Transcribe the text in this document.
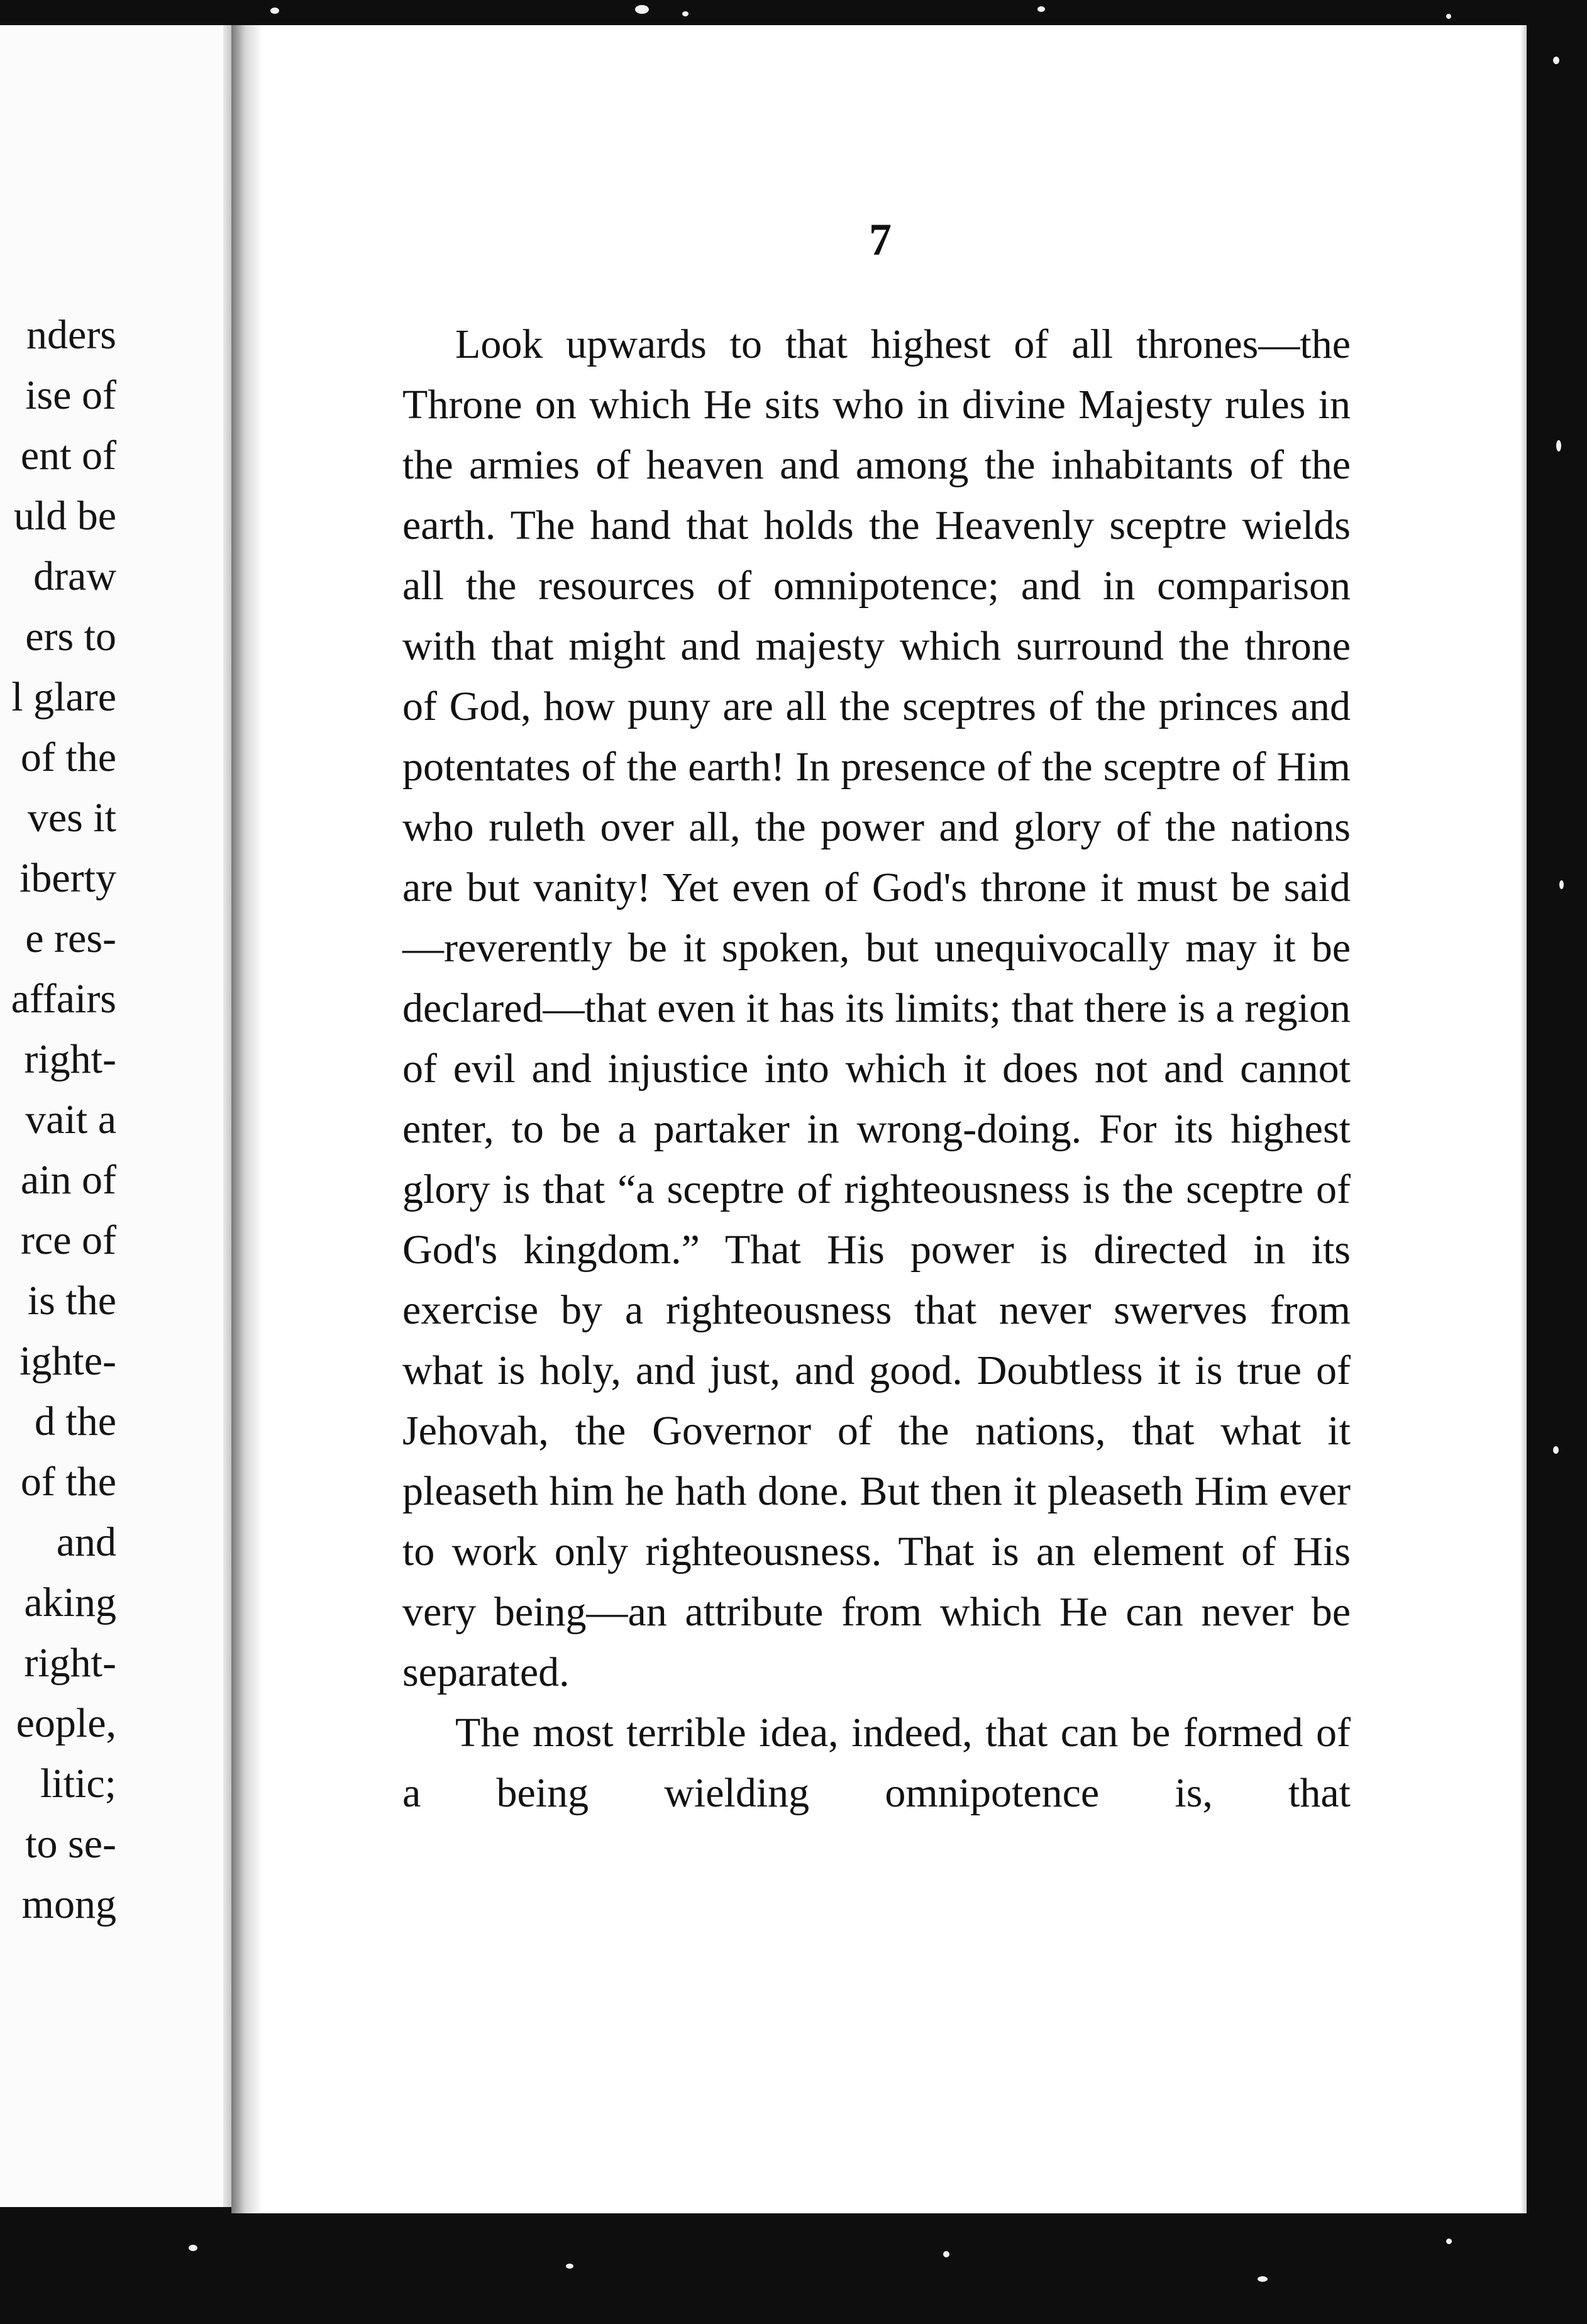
nders
ise of
ent of
uld be
draw
ers to
l glare
of the
ves it
iberty
e res-
affairs
right-
vait a
ain of
rce of
is the
ighte-
d the
of the
and
aking
right-
eople,
litic;
to se-
mong
7

Look upwards to that highest of all thrones—the Throne on which He sits who in divine Majesty rules in the armies of heaven and among the inhabitants of the earth. The hand that holds the Heavenly sceptre wields all the resources of omnipotence; and in comparison with that might and majesty which surround the throne of God, how puny are all the sceptres of the princes and potentates of the earth! In presence of the sceptre of Him who ruleth over all, the power and glory of the nations are but vanity! Yet even of God's throne it must be said—reverently be it spoken, but unequivocally may it be declared—that even it has its limits; that there is a region of evil and injustice into which it does not and cannot enter, to be a partaker in wrong-doing. For its highest glory is that “a sceptre of righteousness is the sceptre of God's kingdom.” That His power is directed in its exercise by a righteousness that never swerves from what is holy, and just, and good. Doubtless it is true of Jehovah, the Governor of the nations, that what it pleaseth him he hath done. But then it pleaseth Him ever to work only righteousness. That is an element of His very being—an attribute from which He can never be separated.

The most terrible idea, indeed, that can be formed of a being wielding omnipotence is, that
